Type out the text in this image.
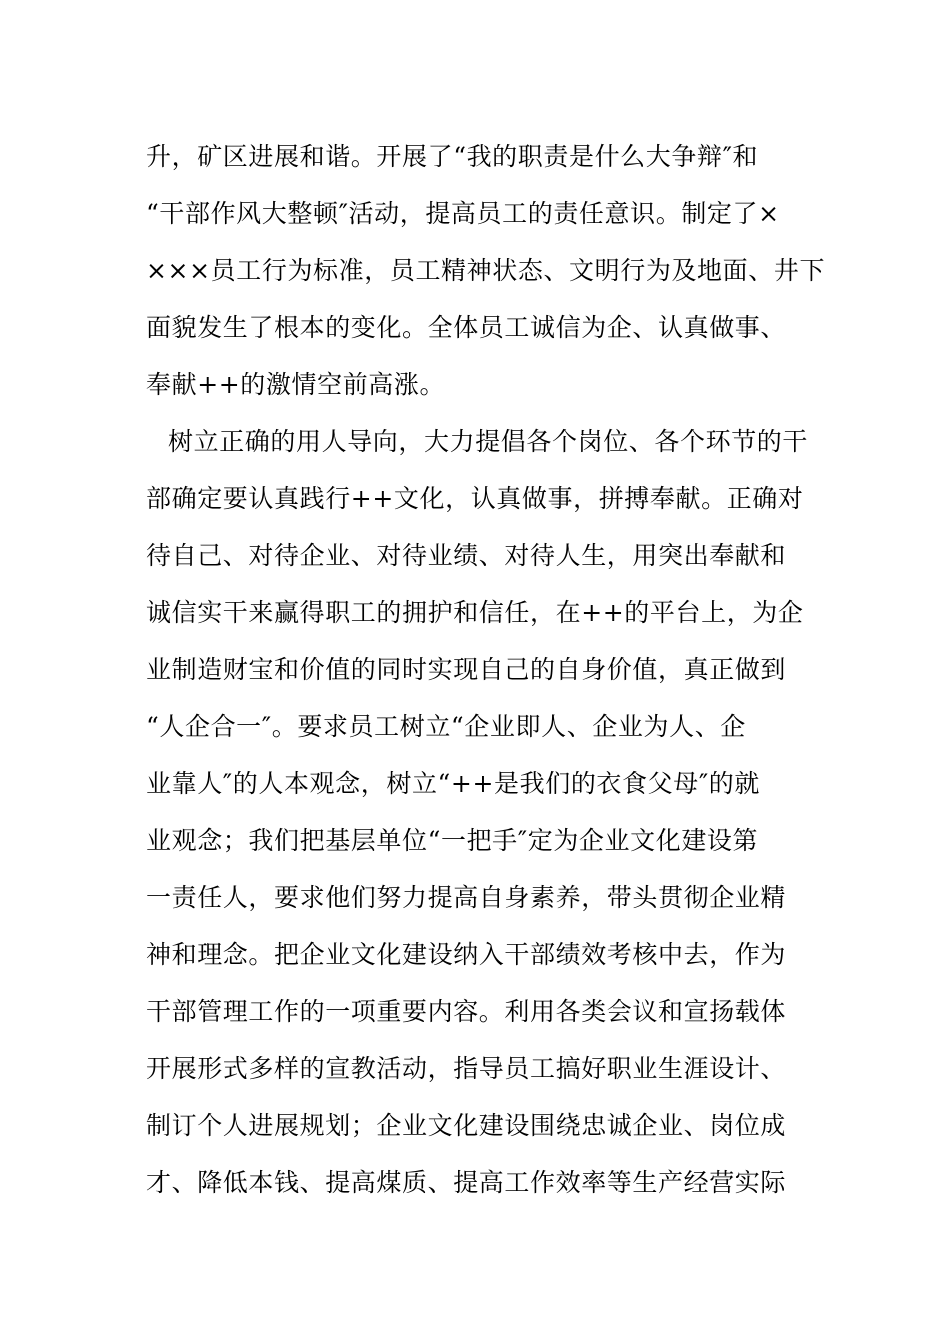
升，矿区进展和谐。开展了“我的职责是什么大争辩″和
“干部作风大整顿″活动，提高员工的责任意识。制定了×
×××员工行为标准，员工精神状态、文明行为及地面、井下
面貌发生了根本的变化。全体员工诚信为企、认真做事、
奉献++的激情空前高涨。
树立正确的用人导向，大力提倡各个岗位、各个环节的干
部确定要认真践行++文化，认真做事，拼搏奉献。正确对
待自己、对待企业、对待业绩、对待人生，用突出奉献和
诚信实干来赢得职工的拥护和信任，在++的平台上，为企
业制造财宝和价值的同时实现自己的自身价值，真正做到
“人企合一″。要求员工树立“企业即人、企业为人、企
业靠人″的人本观念，树立“++是我们的衣食父母″的就
业观念；我们把基层单位“一把手″定为企业文化建设第
一责任人，要求他们努力提高自身素养，带头贯彻企业精
神和理念。把企业文化建设纳入干部绩效考核中去，作为
干部管理工作的一项重要内容。利用各类会议和宣扬载体
开展形式多样的宣教活动，指导员工搞好职业生涯设计、
制订个人进展规划；企业文化建设围绕忠诚企业、岗位成
才、降低本钱、提高煤质、提高工作效率等生产经营实际
